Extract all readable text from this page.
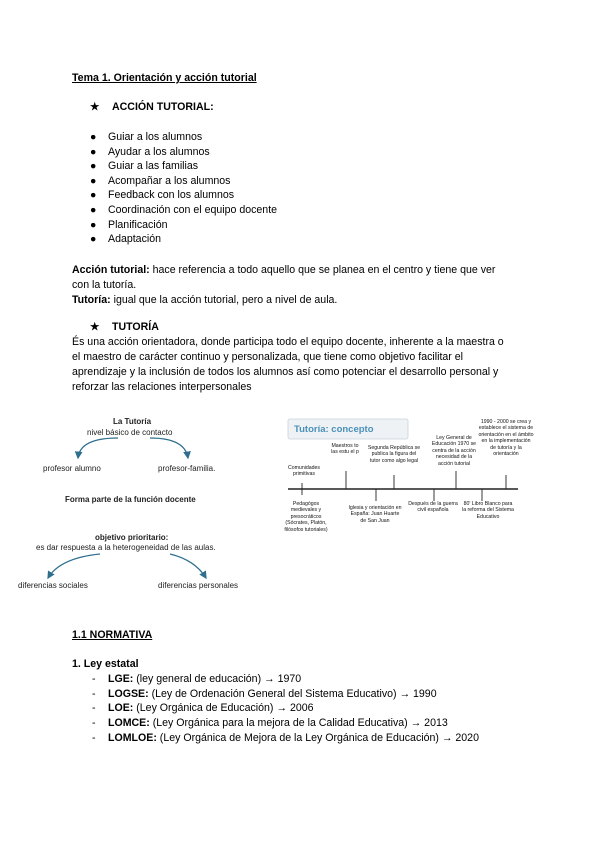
Tema 1. Orientación y acción tutorial
★ ACCIÓN TUTORIAL:
● Guiar a los alumnos
● Ayudar a los alumnos
● Guiar a las familias
● Acompañar a los alumnos
● Feedback con los alumnos
● Coordinación con el equipo docente
● Planificación
● Adaptación
Acción tutorial: hace referencia a todo aquello que se planea en el centro y tiene que ver
con la tutoría.
Tutoría: igual que la acción tutorial, pero a nivel de aula.
★ TUTORÍA
És una acción orientadora, donde participa todo el equipo docente, inherente a la maestra o
el maestro de carácter continuo y personalizada, que tiene como objetivo facilitar el
aprendizaje y la inclusión de todos los alumnos así como potenciar el desarrollo personal y
reforzar las relaciones interpersonales
La Tutoría
nivel básico de contacto
profesor alumno	profesor-familia.
Forma parte de la función docente
objetivo prioritario:
es dar respuesta a la heterogeneidad de las aulas.
diferencias sociales	diferencias personales
Tutoría: concepto
Comunidades primitivas
Maestros to las estu el p
Segunda República se publica la figura del tutor como algo legal
Ley General de Educación 1970 se centra de la acción necesidad de la acción tutorial
1990 - 2000 se crea y establece el sistema de orientación en el ámbito en la implementación de tutoría y la orientación
Pedagógos medievales y presocráticos (Sócrates, Platón, filósofos tutoriales)
Iglesia y orientación en España: Juan Huarte de San Juan
Después de la guerra civil española
80' Libro Blanco para la reforma del Sistema Educativo
1.1 NORMATIVA
1. Ley estatal
- LGE: (ley general de educación) → 1970
- LOGSE: (Ley de Ordenación General del Sistema Educativo) → 1990
- LOE: (Ley Orgánica de Educación) → 2006
- LOMCE: (Ley Orgánica para la mejora de la Calidad Educativa) → 2013
- LOMLOE: (Ley Orgánica de Mejora de la Ley Orgánica de Educación) → 2020
